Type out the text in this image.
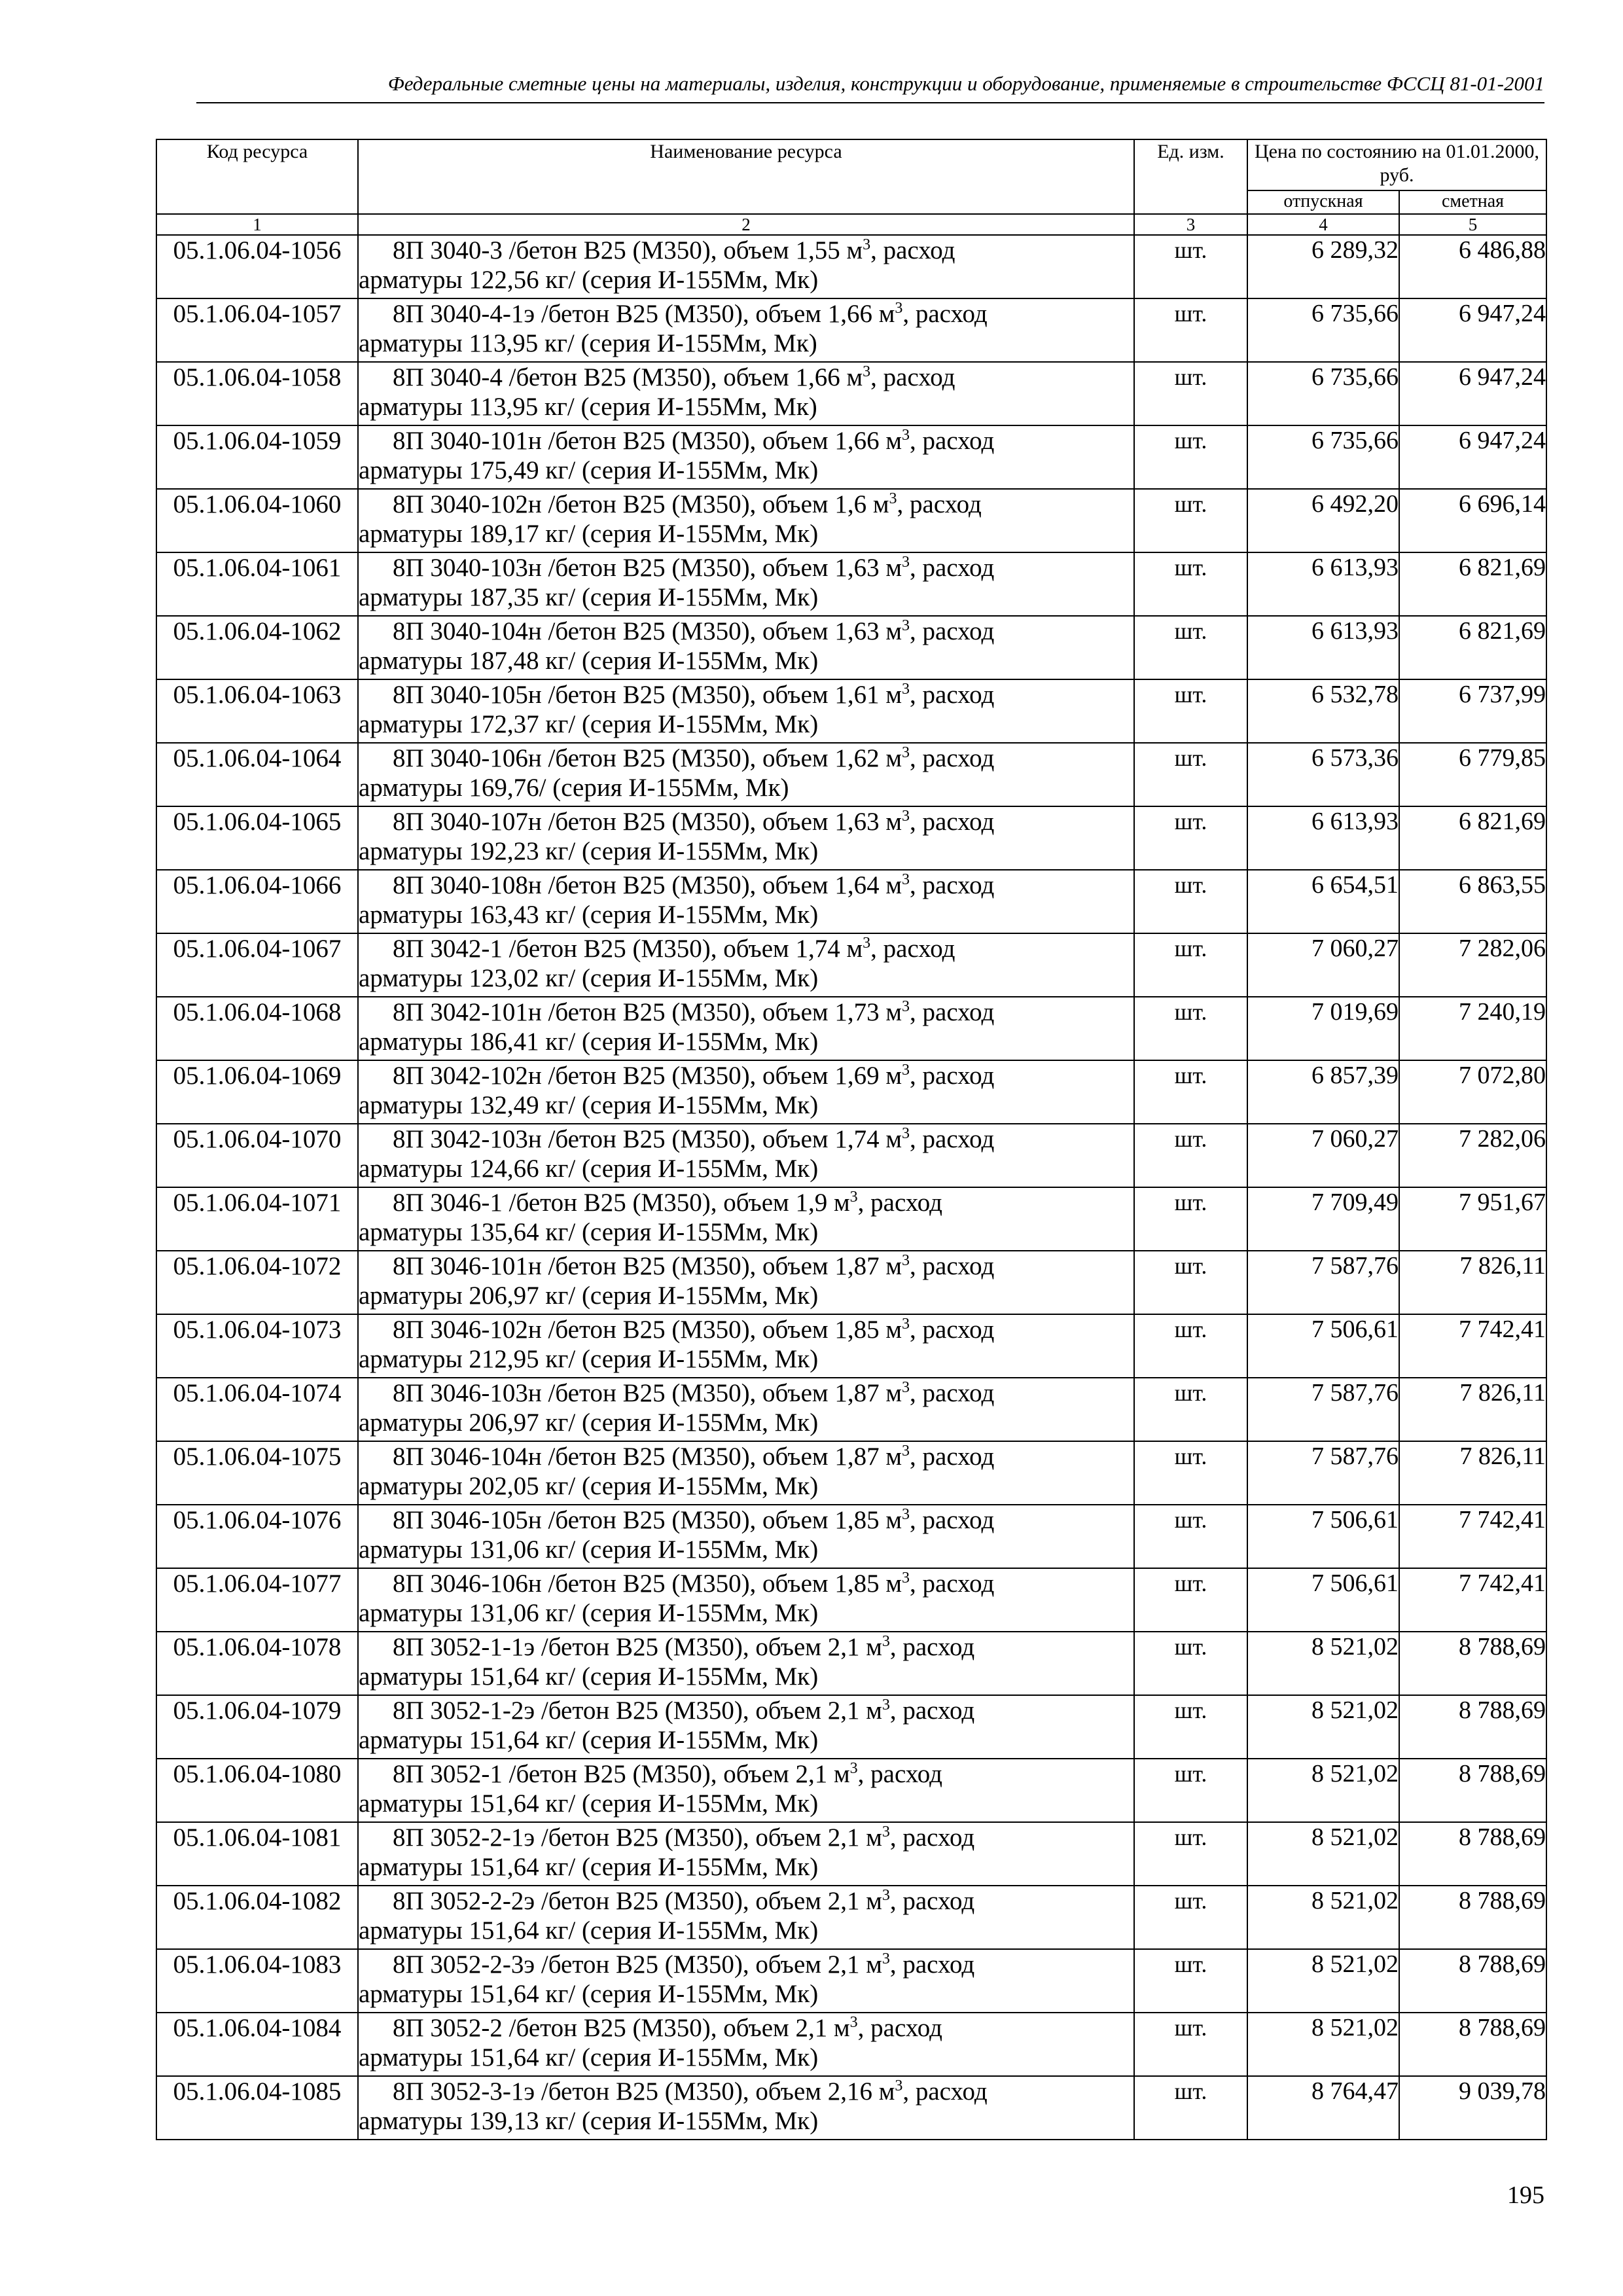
Федеральные сметные цены на материалы, изделия, конструкции и оборудование, применяемые в строительстве ФССЦ 81-01-2001
Код ресурса	Наименование ресурса	Ед. изм.	Цена по состоянию на 01.01.2000, руб.	
			отпускная	сметная
1	2	3	4	5
05.1.06.04-1056	8П 3040-3 /бетон В25 (М350), объем 1,55 $м^3$, расход
арматуры 122,56 кг/ (серия И-155Мм, Мк)	шт.	6 289,32	6 486,88
05.1.06.04-1057	8П 3040-4-1э /бетон В25 (М350), объем 1,66 $м^3$, расход
арматуры 113,95 кг/ (серия И-155Мм, Мк)	шт.	6 735,66	6 947,24
05.1.06.04-1058	8П 3040-4 /бетон В25 (М350), объем 1,66 $м^3$, расход
арматуры 113,95 кг/ (серия И-155Мм, Мк)	шт.	6 735,66	6 947,24
05.1.06.04-1059	8П 3040-101н /бетон В25 (М350), объем 1,66 $м^3$, расход
арматуры 175,49 кг/ (серия И-155Мм, Мк)	шт.	6 735,66	6 947,24
05.1.06.04-1060	8П 3040-102н /бетон В25 (М350), объем 1,6 $м^3$, расход
арматуры 189,17 кг/ (серия И-155Мм, Мк)	шт.	6 492,20	6 696,14
05.1.06.04-1061	8П 3040-103н /бетон В25 (М350), объем 1,63 $м^3$, расход
арматуры 187,35 кг/ (серия И-155Мм, Мк)	шт.	6 613,93	6 821,69
05.1.06.04-1062	8П 3040-104н /бетон В25 (М350), объем 1,63 $м^3$, расход
арматуры 187,48 кг/ (серия И-155Мм, Мк)	шт.	6 613,93	6 821,69
05.1.06.04-1063	8П 3040-105н /бетон В25 (М350), объем 1,61 $м^3$, расход
арматуры 172,37 кг/ (серия И-155Мм, Мк)	шт.	6 532,78	6 737,99
05.1.06.04-1064	8П 3040-106н /бетон В25 (М350), объем 1,62 $м^3$, расход
арматуры 169,76/ (серия И-155Мм, Мк)	шт.	6 573,36	6 779,85
05.1.06.04-1065	8П 3040-107н /бетон В25 (М350), объем 1,63 $м^3$, расход
арматуры 192,23 кг/ (серия И-155Мм, Мк)	шт.	6 613,93	6 821,69
05.1.06.04-1066	8П 3040-108н /бетон В25 (М350), объем 1,64 $м^3$, расход
арматуры 163,43 кг/ (серия И-155Мм, Мк)	шт.	6 654,51	6 863,55
05.1.06.04-1067	8П 3042-1 /бетон В25 (М350), объем 1,74 $м^3$, расход
арматуры 123,02 кг/ (серия И-155Мм, Мк)	шт.	7 060,27	7 282,06
05.1.06.04-1068	8П 3042-101н /бетон В25 (М350), объем 1,73 $м^3$, расход
арматуры 186,41 кг/ (серия И-155Мм, Мк)	шт.	7 019,69	7 240,19
05.1.06.04-1069	8П 3042-102н /бетон В25 (М350), объем 1,69 $м^3$, расход
арматуры 132,49 кг/ (серия И-155Мм, Мк)	шт.	6 857,39	7 072,80
05.1.06.04-1070	8П 3042-103н /бетон В25 (М350), объем 1,74 $м^3$, расход
арматуры 124,66 кг/ (серия И-155Мм, Мк)	шт.	7 060,27	7 282,06
05.1.06.04-1071	8П 3046-1 /бетон В25 (М350), объем 1,9 $м^3$, расход
арматуры 135,64 кг/ (серия И-155Мм, Мк)	шт.	7 709,49	7 951,67
05.1.06.04-1072	8П 3046-101н /бетон В25 (М350), объем 1,87 $м^3$, расход
арматуры 206,97 кг/ (серия И-155Мм, Мк)	шт.	7 587,76	7 826,11
05.1.06.04-1073	8П 3046-102н /бетон В25 (М350), объем 1,85 $м^3$, расход
арматуры 212,95 кг/ (серия И-155Мм, Мк)	шт.	7 506,61	7 742,41
05.1.06.04-1074	8П 3046-103н /бетон В25 (М350), объем 1,87 $м^3$, расход
арматуры 206,97 кг/ (серия И-155Мм, Мк)	шт.	7 587,76	7 826,11
05.1.06.04-1075	8П 3046-104н /бетон В25 (М350), объем 1,87 $м^3$, расход
арматуры 202,05 кг/ (серия И-155Мм, Мк)	шт.	7 587,76	7 826,11
05.1.06.04-1076	8П 3046-105н /бетон В25 (М350), объем 1,85 $м^3$, расход
арматуры 131,06 кг/ (серия И-155Мм, Мк)	шт.	7 506,61	7 742,41
05.1.06.04-1077	8П 3046-106н /бетон В25 (М350), объем 1,85 $м^3$, расход
арматуры 131,06 кг/ (серия И-155Мм, Мк)	шт.	7 506,61	7 742,41
05.1.06.04-1078	8П 3052-1-1э /бетон В25 (М350), объем 2,1 $м^3$, расход
арматуры 151,64 кг/ (серия И-155Мм, Мк)	шт.	8 521,02	8 788,69
05.1.06.04-1079	8П 3052-1-2э /бетон В25 (М350), объем 2,1 $м^3$, расход
арматуры 151,64 кг/ (серия И-155Мм, Мк)	шт.	8 521,02	8 788,69
05.1.06.04-1080	8П 3052-1 /бетон В25 (М350), объем 2,1 $м^3$, расход
арматуры 151,64 кг/ (серия И-155Мм, Мк)	шт.	8 521,02	8 788,69
05.1.06.04-1081	8П 3052-2-1э /бетон В25 (М350), объем 2,1 $м^3$, расход
арматуры 151,64 кг/ (серия И-155Мм, Мк)	шт.	8 521,02	8 788,69
05.1.06.04-1082	8П 3052-2-2э /бетон В25 (М350), объем 2,1 $м^3$, расход
арматуры 151,64 кг/ (серия И-155Мм, Мк)	шт.	8 521,02	8 788,69
05.1.06.04-1083	8П 3052-2-3э /бетон В25 (М350), объем 2,1 $м^3$, расход
арматуры 151,64 кг/ (серия И-155Мм, Мк)	шт.	8 521,02	8 788,69
05.1.06.04-1084	8П 3052-2 /бетон В25 (М350), объем 2,1 $м^3$, расход
арматуры 151,64 кг/ (серия И-155Мм, Мк)	шт.	8 521,02	8 788,69
05.1.06.04-1085	8П 3052-3-1э /бетон В25 (М350), объем 2,16 $м^3$, расход
арматуры 139,13 кг/ (серия И-155Мм, Мк)	шт.	8 764,47	9 039,78
195
